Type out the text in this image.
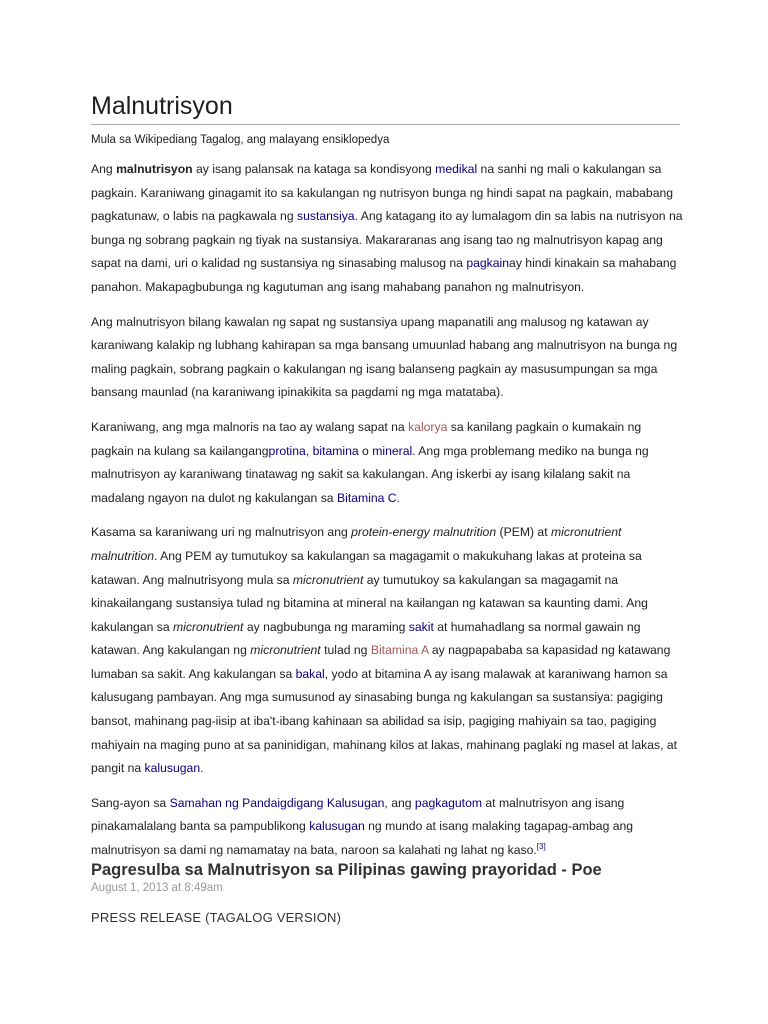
Malnutrisyon

Mula sa Wikipediang Tagalog, ang malayang ensiklopedya

Ang malnutrisyon ay isang palansak na kataga sa kondisyong medikal na sanhi ng mali o kakulangan sa pagkain. Karaniwang ginagamit ito sa kakulangan ng nutrisyon bunga ng hindi sapat na pagkain, mababang pagkatunaw, o labis na pagkawala ng sustansiya. Ang katagang ito ay lumalagom din sa labis na nutrisyon na bunga ng sobrang pagkain ng tiyak na sustansiya. Makararanas ang isang tao ng malnutrisyon kapag ang sapat na dami, uri o kalidad ng sustansiya ng sinasabing malusog na pagkainay hindi kinakain sa mahabang panahon. Makapagbubunga ng kagutuman ang isang mahabang panahon ng malnutrisyon.

Ang malnutrisyon bilang kawalan ng sapat ng sustansiya upang mapanatili ang malusog ng katawan ay karaniwang kalakip ng lubhang kahirapan sa mga bansang umuunlad habang ang malnutrisyon na bunga ng maling pagkain, sobrang pagkain o kakulangan ng isang balanseng pagkain ay masusumpungan sa mga bansang maunlad (na karaniwang ipinakikita sa pagdami ng mga matataba).

Karaniwang, ang mga malnoris na tao ay walang sapat na kalorya sa kanilang pagkain o kumakain ng pagkain na kulang sa kailangangprotina, bitamina o mineral. Ang mga problemang mediko na bunga ng malnutrisyon ay karaniwang tinatawag ng sakit sa kakulangan. Ang iskerbi ay isang kilalang sakit na madalang ngayon na dulot ng kakulangan sa Bitamina C.

Kasama sa karaniwang uri ng malnutrisyon ang protein-energy malnutrition (PEM) at micronutrient malnutrition. Ang PEM ay tumutukoy sa kakulangan sa magagamit o makukuhang lakas at proteina sa katawan. Ang malnutrisyong mula sa micronutrient ay tumutukoy sa kakulangan sa magagamit na kinakailangang sustansiya tulad ng bitamina at mineral na kailangan ng katawan sa kaunting dami. Ang kakulangan sa micronutrient ay nagbubunga ng maraming sakit at humahadlang sa normal gawain ng katawan. Ang kakulangan ng micronutrient tulad ng Bitamina A ay nagpapababa sa kapasidad ng katawang lumaban sa sakit. Ang kakulangan sa bakal, yodo at bitamina A ay isang malawak at karaniwang hamon sa kalusugang pambayan. Ang mga sumusunod ay sinasabing bunga ng kakulangan sa sustansiya: pagiging bansot, mahinang pag-iisip at iba't-ibang kahinaan sa abilidad sa isip, pagiging mahiyain sa tao, pagiging mahiyain na maging puno at sa paninidigan, mahinang kilos at lakas, mahinang paglaki ng masel at lakas, at pangit na kalusugan.

Sang-ayon sa Samahan ng Pandaigdigang Kalusugan, ang pagkagutom at malnutrisyon ang isang pinakamalalang banta sa pampublikong kalusugan ng mundo at isang malaking tagapag-ambag ang malnutrisyon sa dami ng namamatay na bata, naroon sa kalahati ng lahat ng kaso.[3]

Pagresulba sa Malnutrisyon sa Pilipinas gawing prayoridad - Poe

August 1, 2013 at 8:49am

PRESS RELEASE (TAGALOG VERSION)
